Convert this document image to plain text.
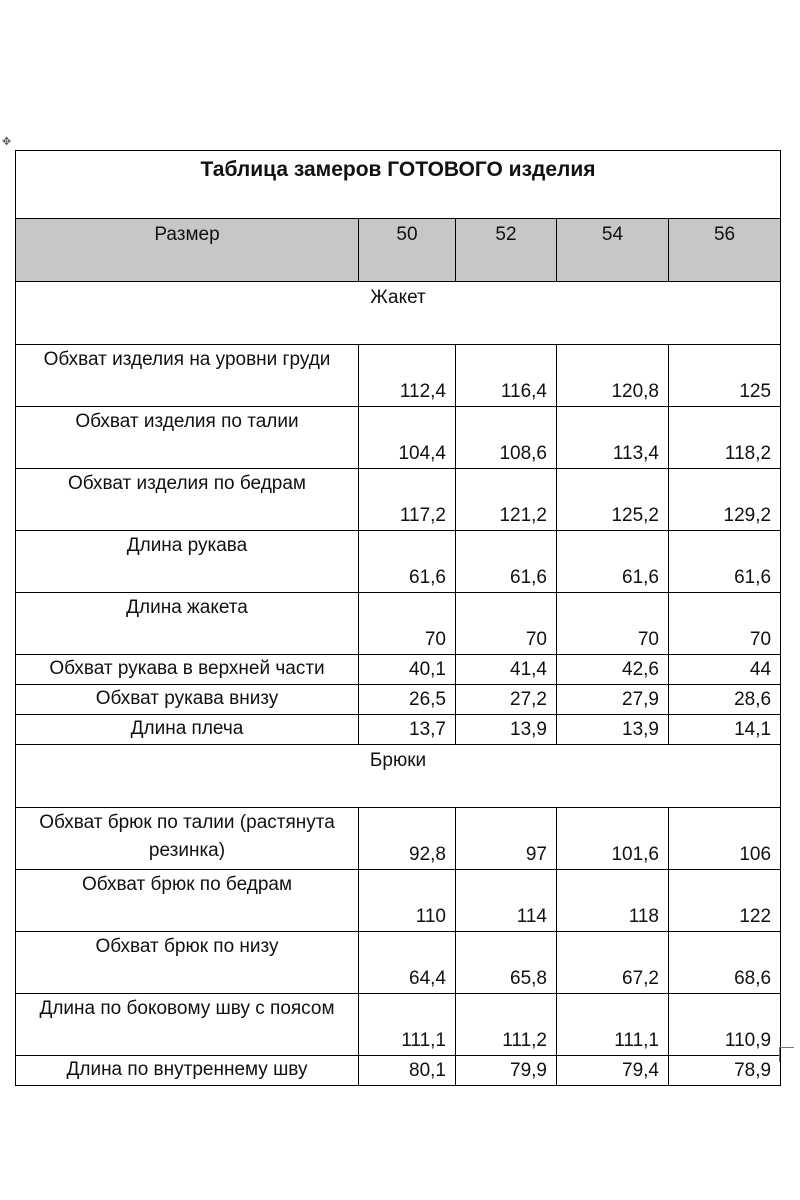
✥
Таблица замеров ГОТОВОГО изделия				
Размер	50	52	54	56
Жакет				
Обхват изделия на уровни груди	112,4	116,4	120,8	125
Обхват изделия по талии	104,4	108,6	113,4	118,2
Обхват изделия по бедрам	117,2	121,2	125,2	129,2
Длина рукава	61,6	61,6	61,6	61,6
Длина жакета	70	70	70	70
Обхват рукава в верхней части	40,1	41,4	42,6	44
Обхват рукава внизу	26,5	27,2	27,9	28,6
Длина плеча	13,7	13,9	13,9	14,1
Брюки				
Обхват брюк по талии (растянута резинка)	92,8	97	101,6	106
Обхват брюк по бедрам	110	114	118	122
Обхват брюк по низу	64,4	65,8	67,2	68,6
Длина по боковому шву с поясом	111,1	111,2	111,1	110,9
Длина по внутреннему шву	80,1	79,9	79,4	78,9
